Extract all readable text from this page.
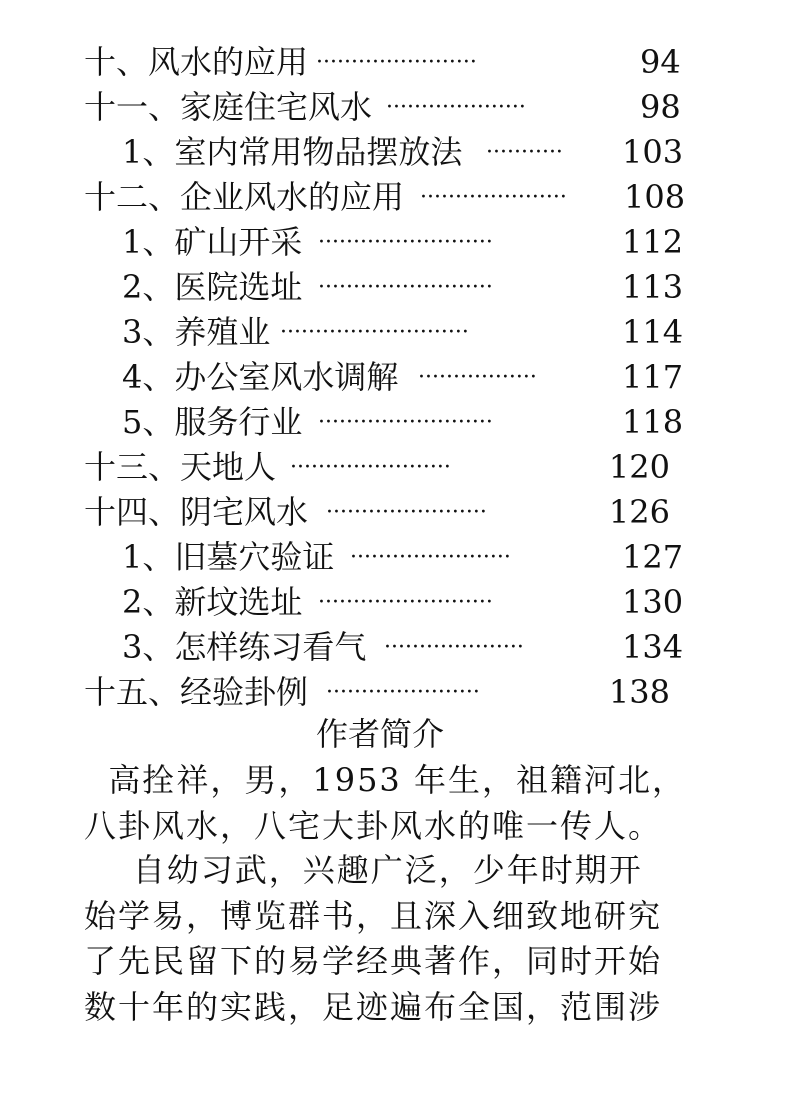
十、风水的应用 ·······················	94
十一、家庭住宅风水 ····················	98
1、室内常用物品摆放法 ···········	103
十二、企业风水的应用 ·····················	108
1、矿山开采 ·························	112
2、医院选址 ·························	113
3、养殖业 ···························	114
4、办公室风水调解 ·················	117
5、服务行业 ·························	118
十三、天地人 ·······················	120
十四、阴宅风水 ·······················	126
1、旧墓穴验证 ·······················	127
2、新坟选址 ·························	130
3、怎样练习看气 ····················	134
十五、经验卦例 ······················	138
作者简介
高拴祥，男，1953 年生，祖籍河北，
八卦风水，八宅大卦风水的唯一传人。
自幼习武，兴趣广泛，少年时期开
始学易，博览群书，且深入细致地研究
了先民留下的易学经典著作，同时开始
数十年的实践，足迹遍布全国，范围涉
